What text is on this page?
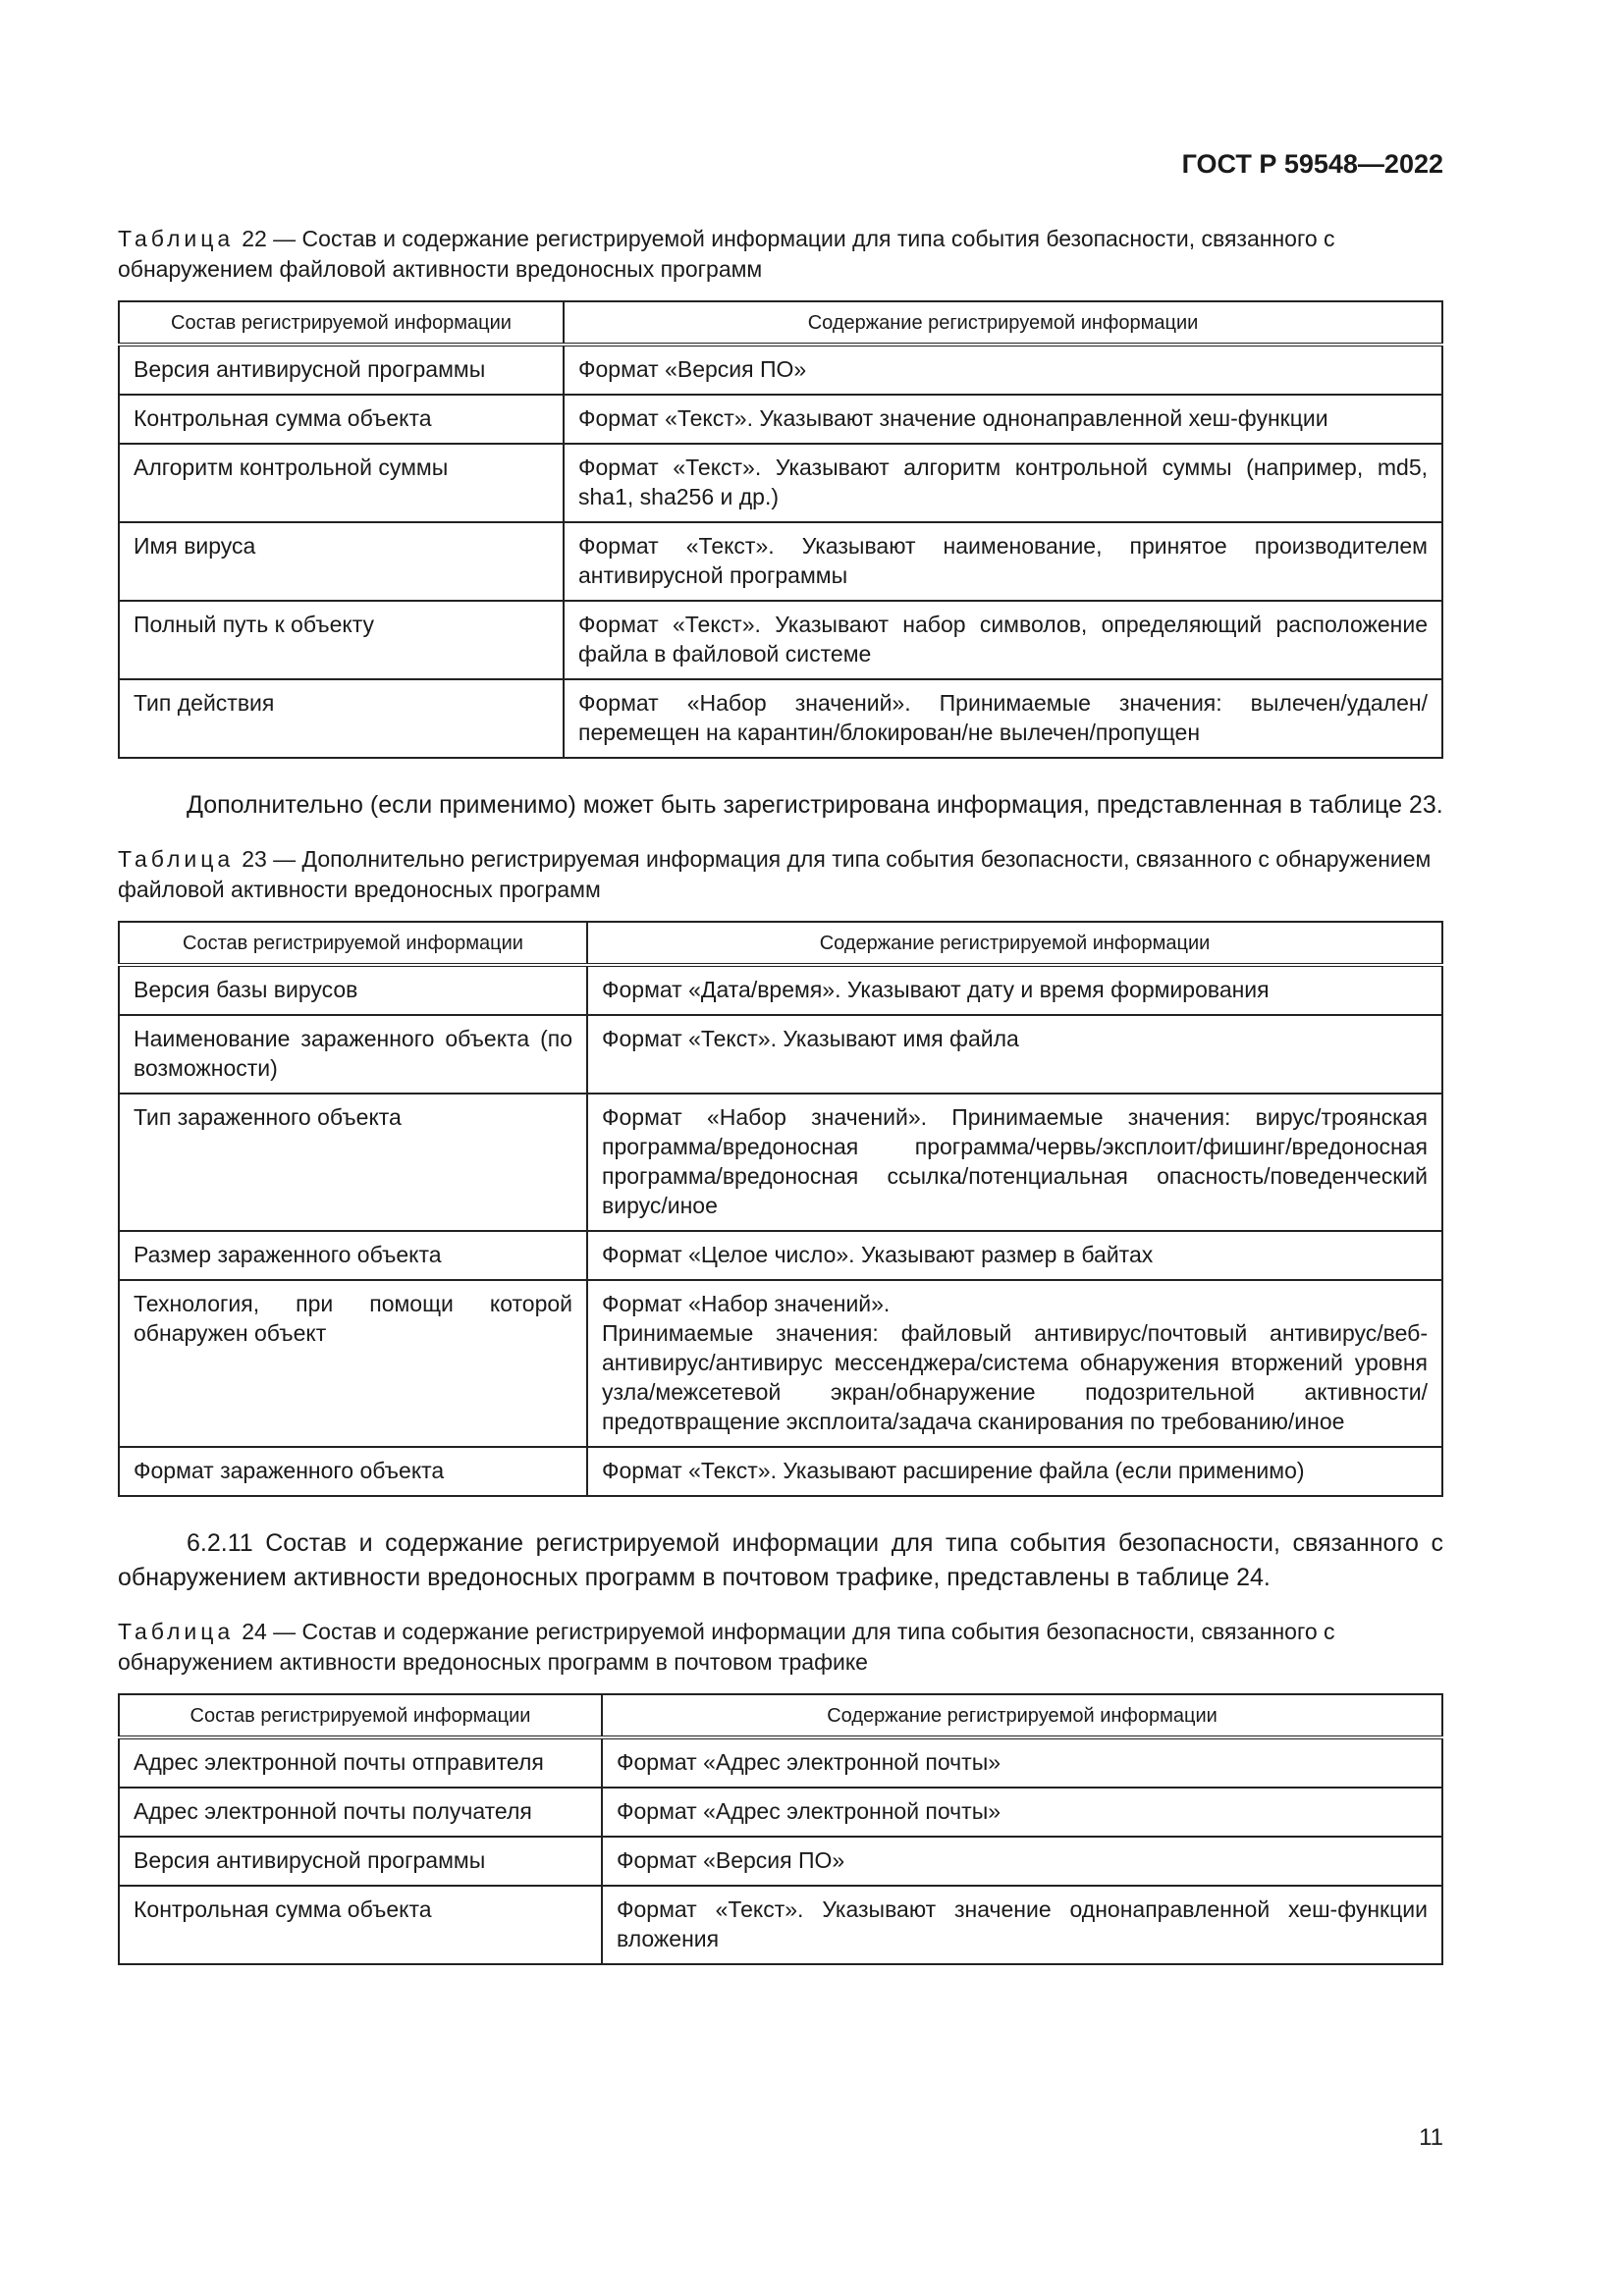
ГОСТ Р 59548—2022

Таблица 22 — Состав и содержание регистрируемой информации для типа события безопасности, связанного с обнаружением файловой активности вредоносных программ

Состав регистрируемой информации	Содержание регистрируемой информации
Версия антивирусной программы	Формат «Версия ПО»
Контрольная сумма объекта	Формат «Текст». Указывают значение однонаправленной хеш-функции
Алгоритм контрольной суммы	Формат «Текст». Указывают алгоритм контрольной суммы (например, md5, sha1, sha256 и др.)
Имя вируса	Формат «Текст». Указывают наименование, принятое производителем антивирусной программы
Полный путь к объекту	Формат «Текст». Указывают набор символов, определяющий расположение файла в файловой системе
Тип действия	Формат «Набор значений». Принимаемые значения: вылечен/удален/перемещен на карантин/блокирован/не вылечен/пропущен

Дополнительно (если применимо) может быть зарегистрирована информация, представленная в таблице 23.

Таблица 23 — Дополнительно регистрируемая информация для типа события безопасности, связанного с обнаружением файловой активности вредоносных программ

Состав регистрируемой информации	Содержание регистрируемой информации
Версия базы вирусов	Формат «Дата/время». Указывают дату и время формирования
Наименование зараженного объекта (по возможности)	Формат «Текст». Указывают имя файла
Тип зараженного объекта	Формат «Набор значений». Принимаемые значения: вирус/троянская программа/вредоносная программа/червь/эксплоит/фишинг/вредоносная программа/вредоносная ссылка/потенциальная опасность/поведенческий вирус/иное
Размер зараженного объекта	Формат «Целое число». Указывают размер в байтах
Технология, при помощи которой обнаружен объект	Формат «Набор значений».
Принимаемые значения: файловый антивирус/почтовый антивирус/веб-антивирус/антивирус мессенджера/система обнаружения вторжений уровня узла/межсетевой экран/обнаружение подозрительной активности/предотвращение эксплоита/задача сканирования по требованию/иное

Формат зараженного объекта	Формат «Текст». Указывают расширение файла (если применимо)

6.2.11 Состав и содержание регистрируемой информации для типа события безопасности, связанного с обнаружением активности вредоносных программ в почтовом трафике, представлены в таблице 24.

Таблица 24 — Состав и содержание регистрируемой информации для типа события безопасности, связанного с обнаружением активности вредоносных программ в почтовом трафике

Состав регистрируемой информации	Содержание регистрируемой информации
Адрес электронной почты отправителя	Формат «Адрес электронной почты»
Адрес электронной почты получателя	Формат «Адрес электронной почты»
Версия антивирусной программы	Формат «Версия ПО»
Контрольная сумма объекта	Формат «Текст». Указывают значение однонаправленной хеш-функции вложения
11
